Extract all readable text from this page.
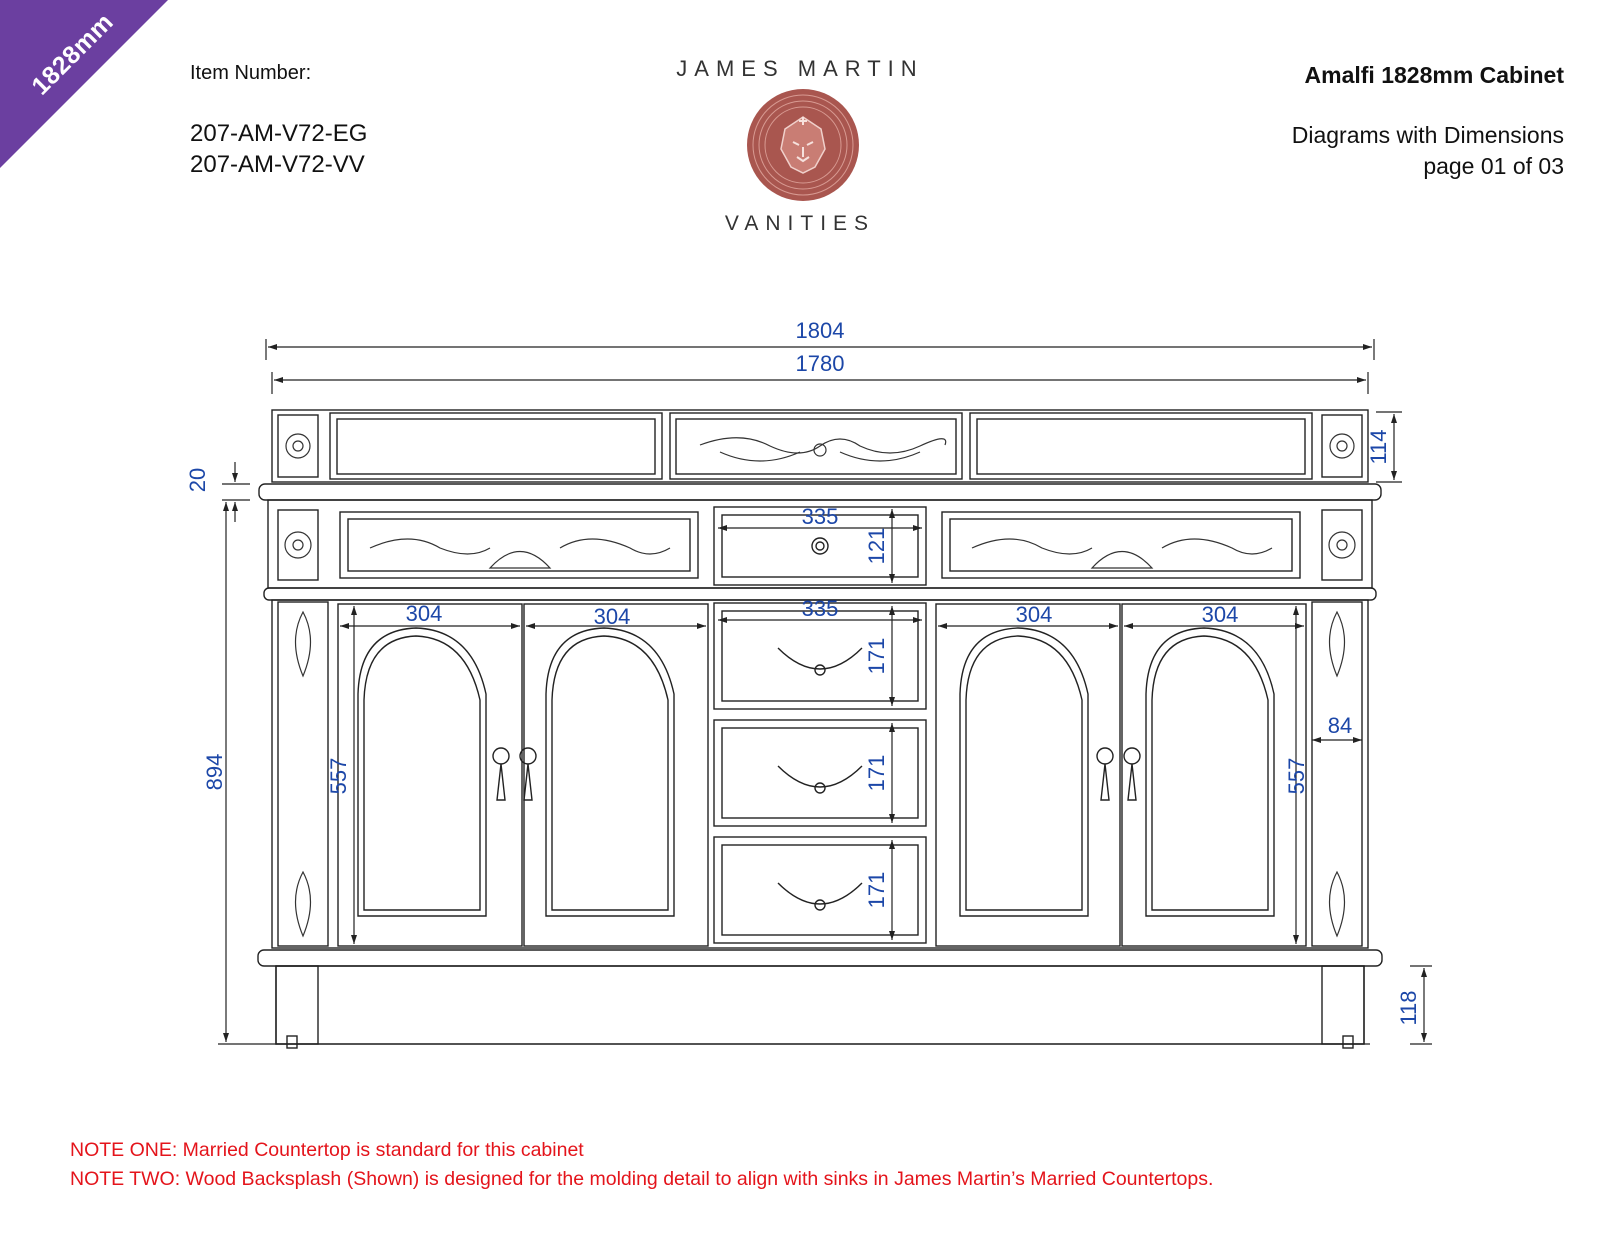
1828mm	Item Number:
207-AM-V72-EG
207-AM-V72-VV
JAMES MARTIN
VANITIES
Amalfi 1828mm Cabinet
Diagrams with Dimensions
page 01 of 03
1804
1780
114
20
335
121
335
171
171
171
304	304	304	304
557	557
84
894
118
NOTE ONE: Married Countertop is standard for this cabinet
NOTE TWO: Wood Backsplash (Shown) is designed for the molding detail to align with sinks in James Martin’s Married Countertops.
